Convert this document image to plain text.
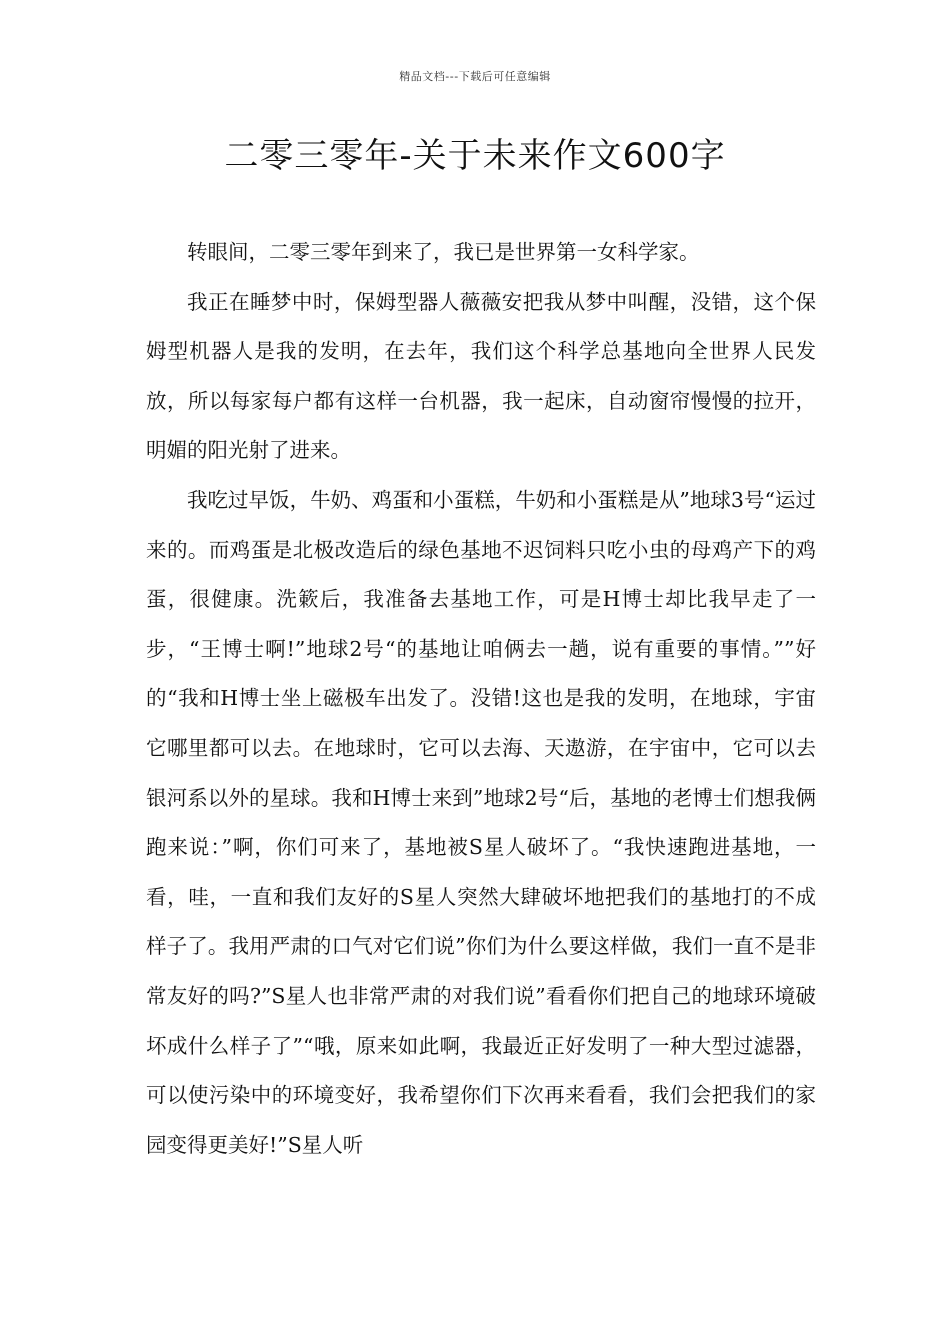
精品文档---下载后可任意编辑
二零三零年-关于未来作文600字

转眼间，二零三零年到来了，我已是世界第一女科学家。

我正在睡梦中时，保姆型器人薇薇安把我从梦中叫醒，没错，这个保姆型机器人是我的发明，在去年，我们这个科学总基地向全世界人民发放，所以每家每户都有这样一台机器，我一起床，自动窗帘慢慢的拉开，明媚的阳光射了进来。

我吃过早饭，牛奶、鸡蛋和小蛋糕，牛奶和小蛋糕是从”地球3号“运过来的。而鸡蛋是北极改造后的绿色基地不迟饲料只吃小虫的母鸡产下的鸡蛋，很健康。洗簌后，我准备去基地工作，可是H博士却比我早走了一步，“王博士啊!”地球2号“的基地让咱俩去一趟，说有重要的事情。””好的“我和H博士坐上磁极车出发了。没错!这也是我的发明，在地球，宇宙它哪里都可以去。在地球时，它可以去海、天遨游，在宇宙中，它可以去银河系以外的星球。我和H博士来到”地球2号“后，基地的老博士们想我俩跑来说：”啊，你们可来了，基地被S星人破坏了。“我快速跑进基地，一看，哇，一直和我们友好的S星人突然大肆破坏地把我们的基地打的不成样子了。我用严肃的口气对它们说”你们为什么要这样做，我们一直不是非常友好的吗?”S星人也非常严肃的对我们说”看看你们把自己的地球环境破坏成什么样子了”“哦，原来如此啊，我最近正好发明了一种大型过滤器，可以使污染中的环境变好，我希望你们下次再来看看，我们会把我们的家园变得更美好!”S星人听
